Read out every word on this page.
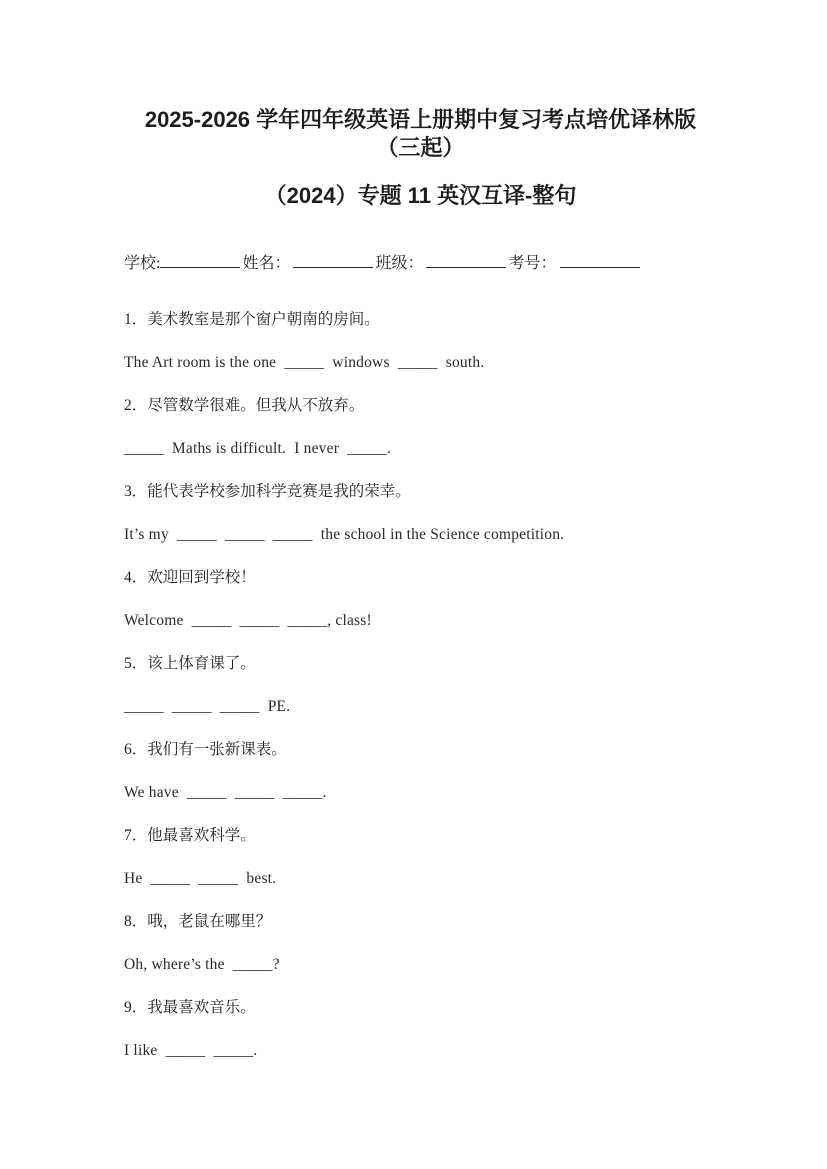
2025-2026 学年四年级英语上册期中复习考点培优译林版（三起）
（2024）专题 11 英汉互译-整句
学校:	姓名：	班级：	考号：

1．美术教室是那个窗户朝南的房间。

The Art room is the one  _____  windows  _____  south.

2．尽管数学很难。但我从不放弃。

_____  Maths is difficult.  I never  _____.

3．能代表学校参加科学竞赛是我的荣幸。

It’s my  _____  _____  _____  the school in the Science competition.

4．欢迎回到学校！

Welcome  _____  _____  _____, class!

5．该上体育课了。

_____  _____  _____  PE.

6．我们有一张新课表。

We have  _____  _____  _____.

7．他最喜欢科学。

He  _____  _____  best.

8．哦，老鼠在哪里？

Oh, where’s the  _____?

9．我最喜欢音乐。

I like  _____  _____.
